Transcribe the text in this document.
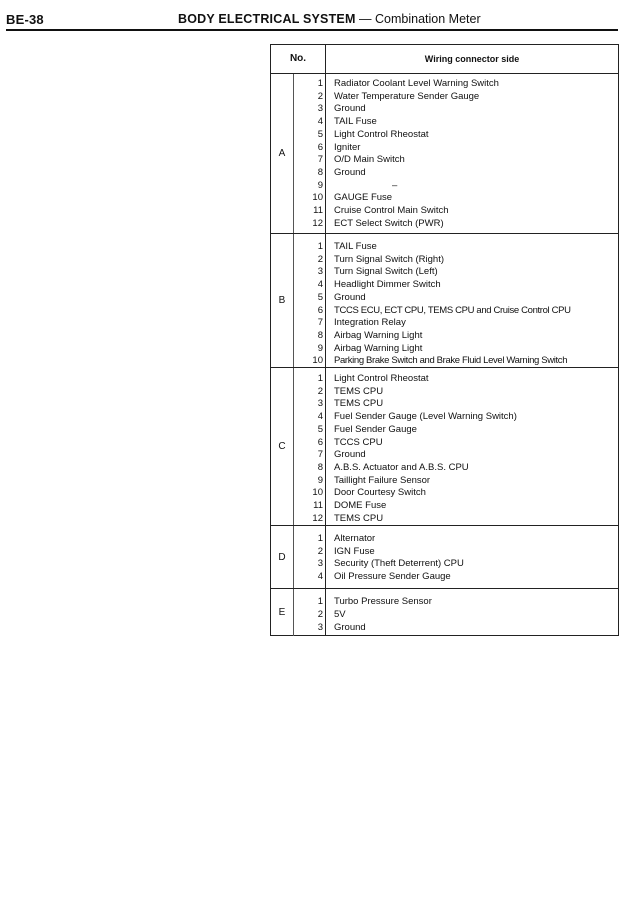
BE-38	BODY ELECTRICAL SYSTEM — Combination Meter
No.	Wiring connector side
A
1 Radiator Coolant Level Warning Switch
2 Water Temperature Sender Gauge
3 Ground
4 TAIL Fuse
5 Light Control Rheostat
6 Igniter
7 O/D Main Switch
8 Ground
9	–
10 GAUGE Fuse
11 Cruise Control Main Switch
12 ECT Select Switch (PWR)
B
1 TAIL Fuse
2 Turn Signal Switch (Right)
3 Turn Signal Switch (Left)
4 Headlight Dimmer Switch
5 Ground
6 TCCS ECU, ECT CPU, TEMS CPU and Cruise Control CPU
7 Integration Relay
8 Airbag Warning Light
9 Airbag Warning Light
10 Parking Brake Switch and Brake Fluid Level Warning Switch
C
1 Light Control Rheostat
2 TEMS CPU
3 TEMS CPU
4 Fuel Sender Gauge (Level Warning Switch)
5 Fuel Sender Gauge
6 TCCS CPU
7 Ground
8 A.B.S. Actuator and A.B.S. CPU
9 Taillight Failure Sensor
10 Door Courtesy Switch
11 DOME Fuse
12 TEMS CPU
D
1 Alternator
2 IGN Fuse
3 Security (Theft Deterrent) CPU
4 Oil Pressure Sender Gauge
E
1 Turbo Pressure Sensor
2 5V
3 Ground
